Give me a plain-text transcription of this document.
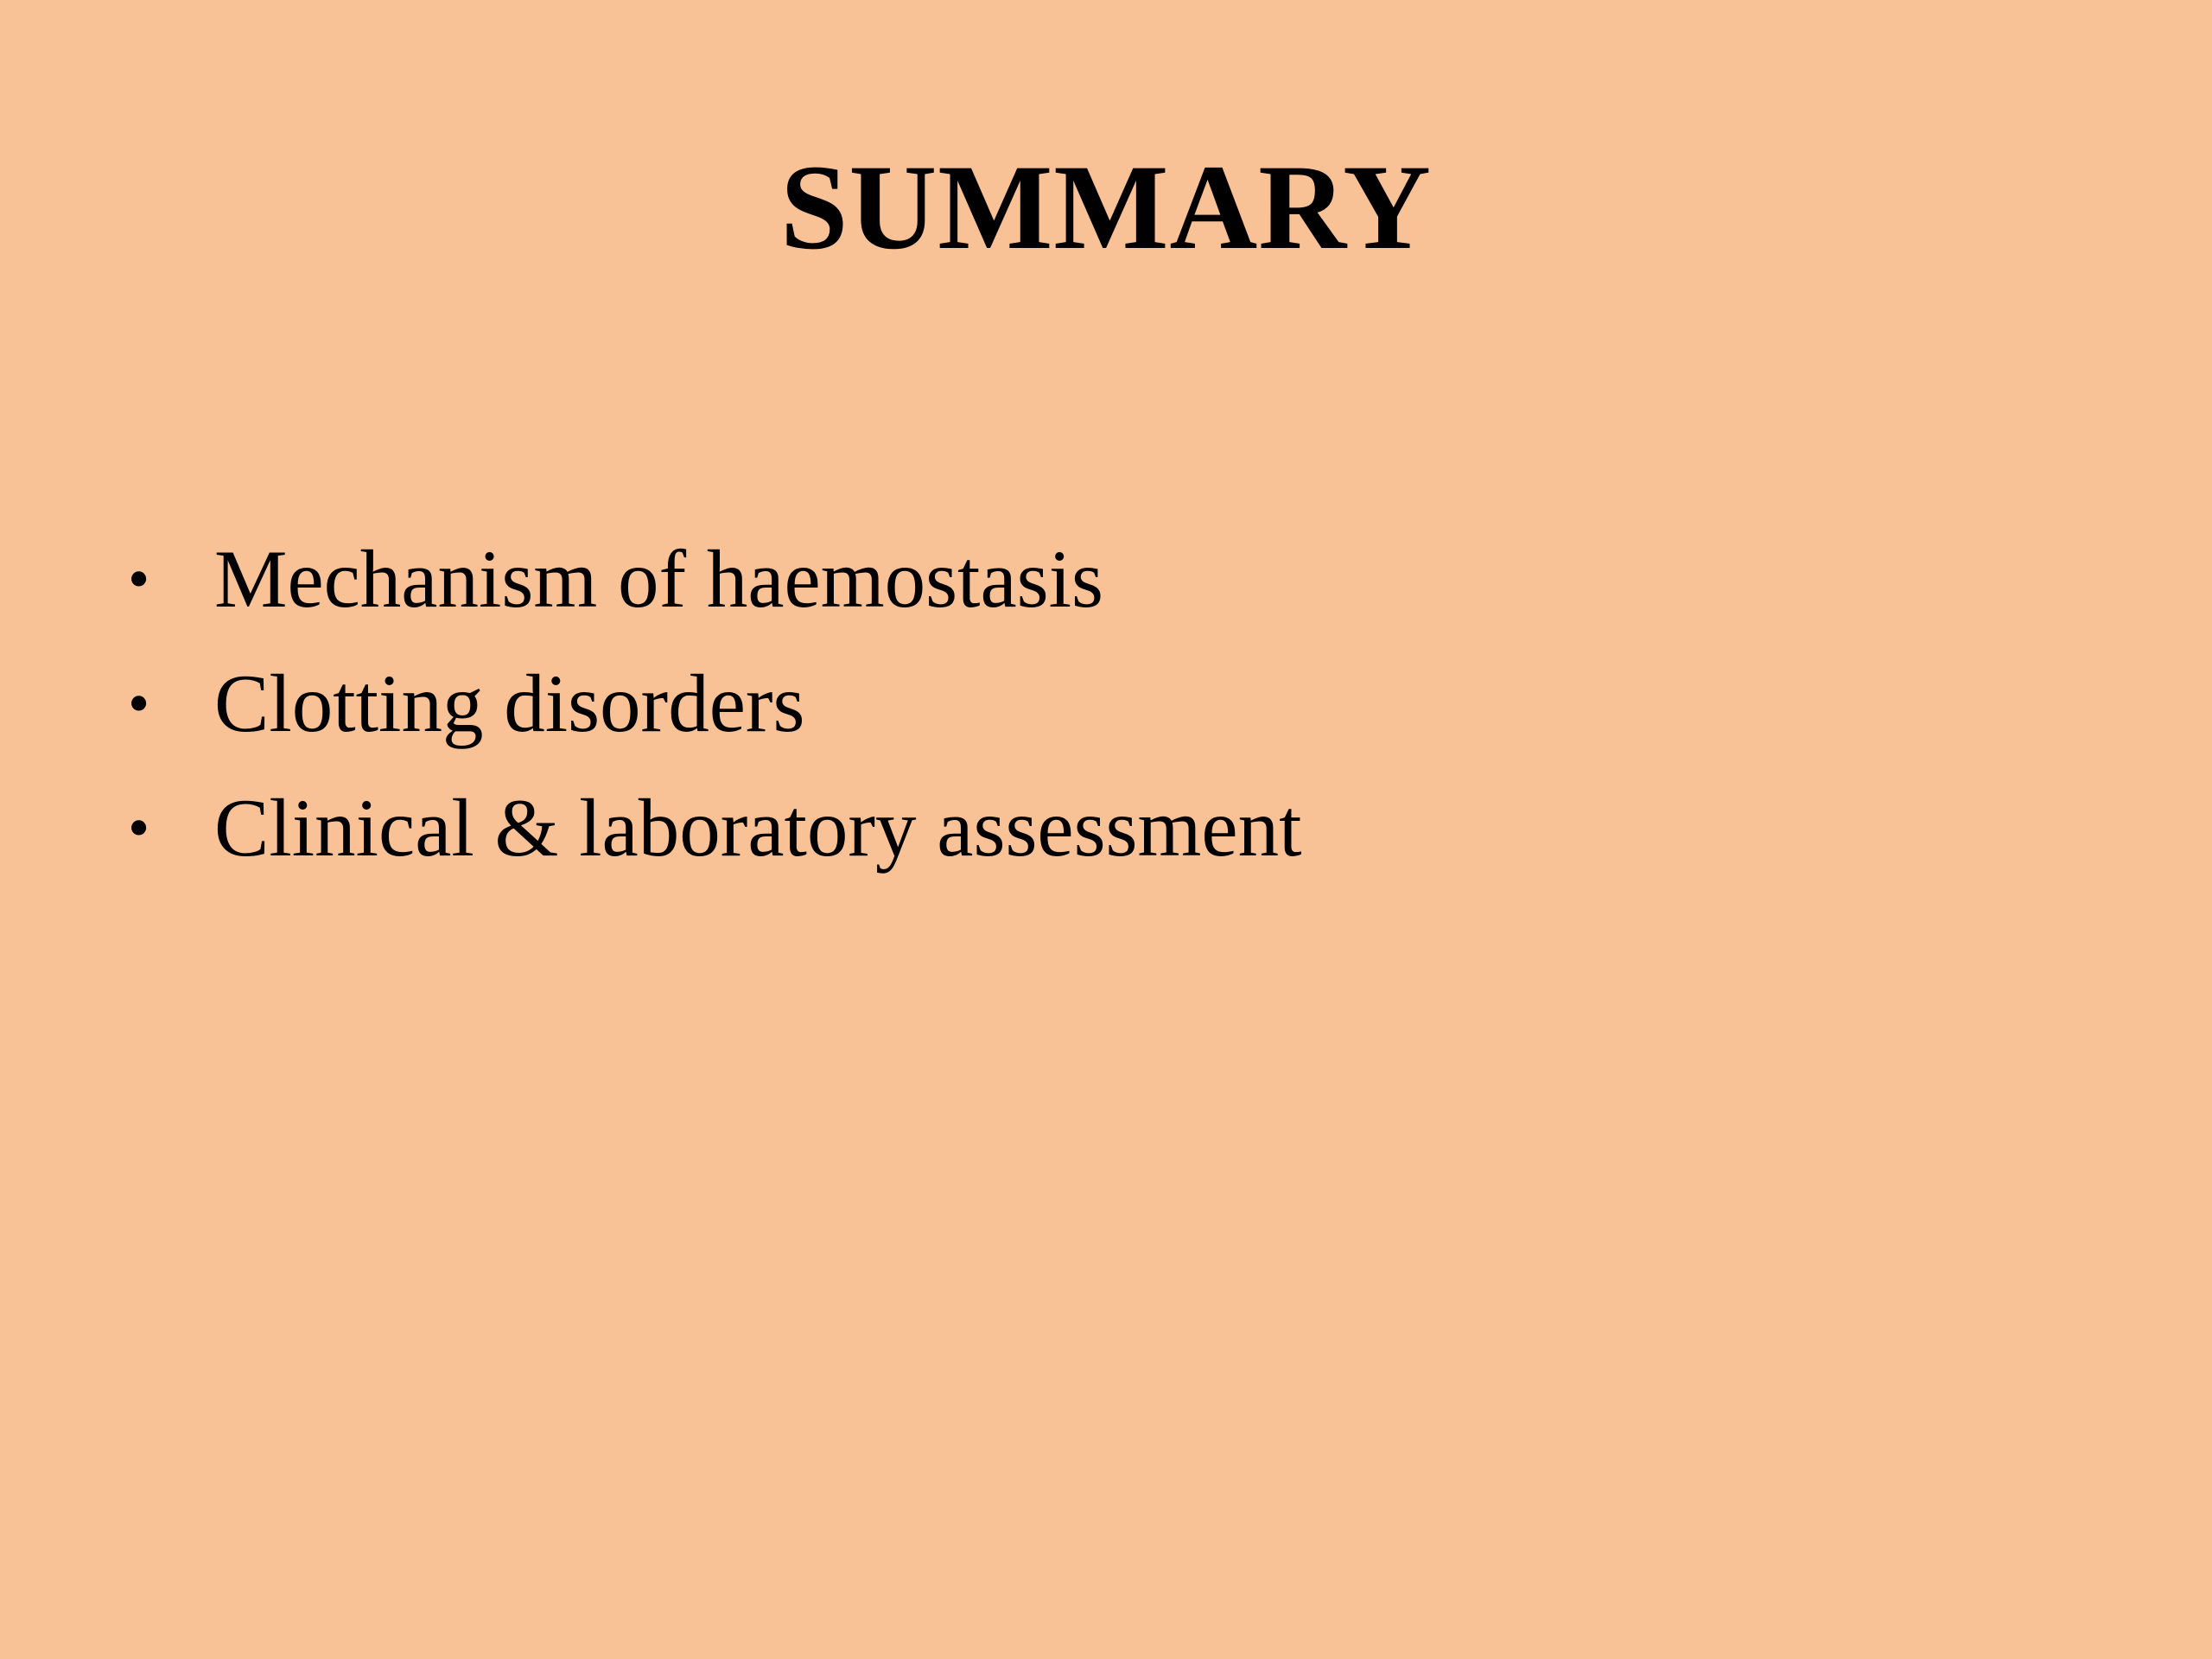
SUMMARY
• Mechanism of haemostasis
• Clotting disorders
• Clinical & laboratory assessment
